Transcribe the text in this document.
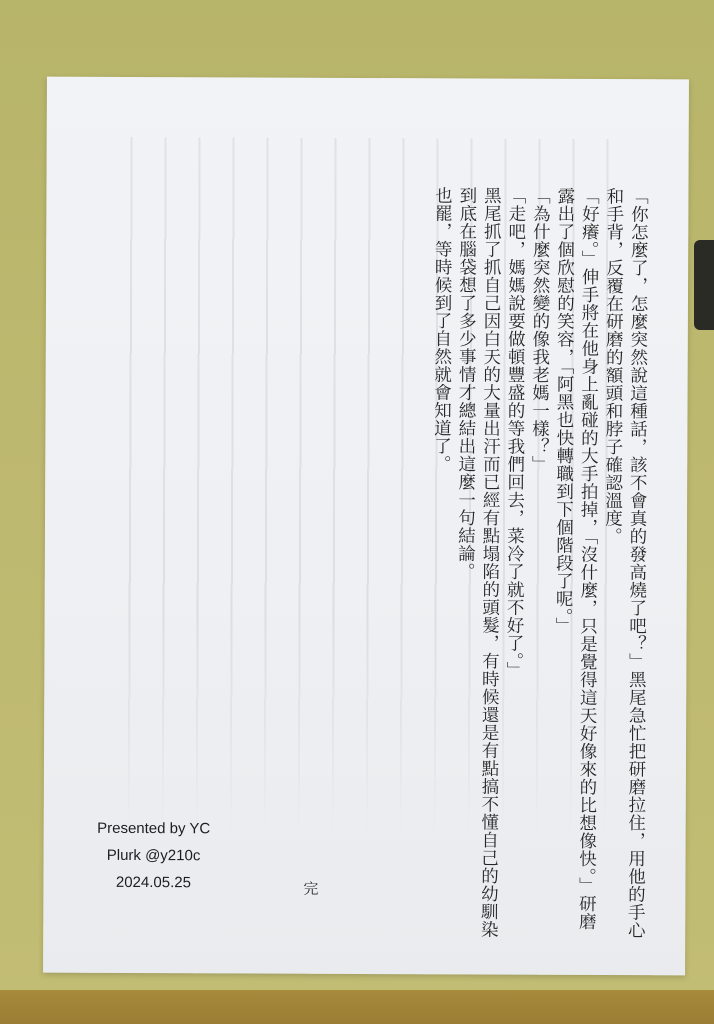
「你怎麼了，怎麼突然說這種話，該不會真的發高燒了吧？」黑尾急忙把研磨拉住，用他的手心和手背，反覆在研磨的額頭和脖子確認溫度。

「好癢。」伸手將在他身上亂碰的大手拍掉，「沒什麼，只是覺得這天好像來的比想像快。」研磨露出了個欣慰的笑容，「阿黑也快轉職到下個階段了呢。」

「為什麼突然變的像我老媽一樣？」

「走吧，媽媽說要做頓豐盛的等我們回去，菜冷了就不好了。」

黑尾抓了抓自己因白天的大量出汗而已經有點塌陷的頭髮，有時候還是有點搞不懂自己的幼馴染到底在腦袋想了多少事情才總結出這麼一句結論。

也罷，等時候到了自然就會知道了。

Presented by YC
Plurk @y210c
2024.05.25	完
